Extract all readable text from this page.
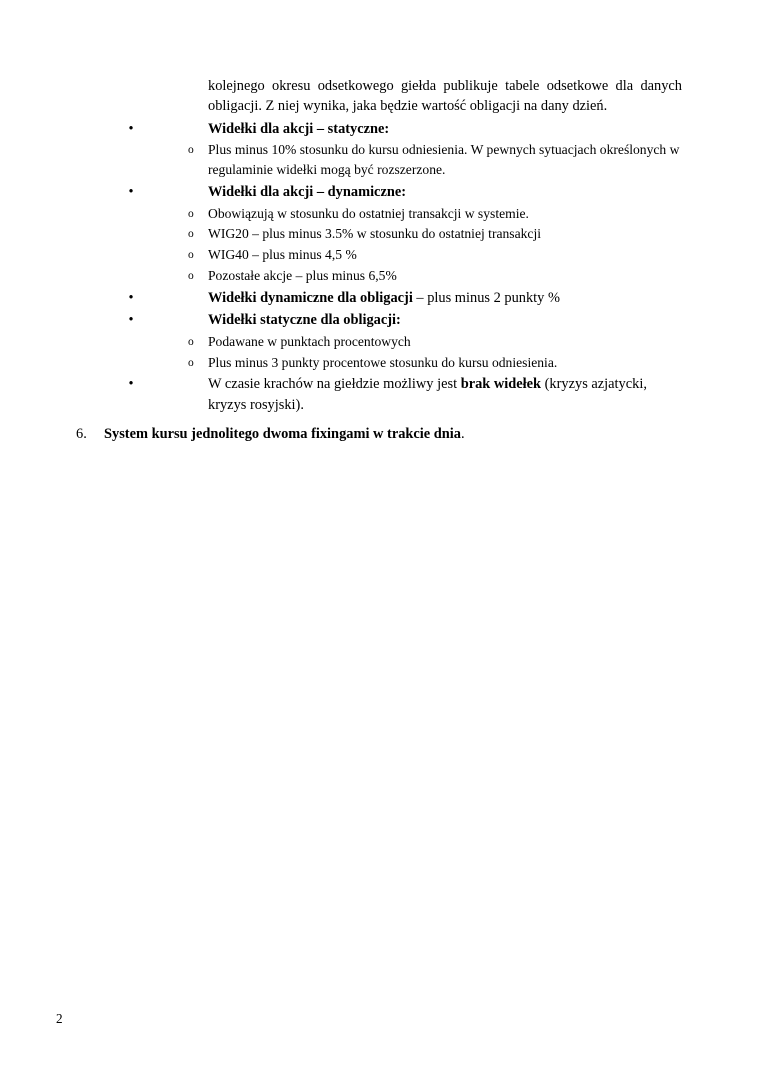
kolejnego okresu odsetkowego giełda publikuje tabele odsetkowe dla danych obligacji. Z niej wynika, jaka będzie wartość obligacji na dany dzień.

•	Widełki dla akcji – statyczne:
o Plus minus 10% stosunku do kursu odniesienia. W pewnych sytuacjach określonych w regulaminie widełki mogą być rozszerzone.
•	Widełki dla akcji – dynamiczne:
o Obowiązują w stosunku do ostatniej transakcji w systemie.
o WIG20 – plus minus 3.5% w stosunku do ostatniej transakcji
o WIG40 – plus minus 4,5 %
o Pozostałe akcje – plus minus 6,5%
•	Widełki dynamiczne dla obligacji – plus minus 2 punkty %
•	Widełki statyczne dla obligacji:
o Podawane w punktach procentowych
o Plus minus 3 punkty procentowe stosunku do kursu odniesienia.
•	W czasie krachów na giełdzie możliwy jest brak widełek (kryzys azjatycki, kryzys rosyjski).
6. System kursu jednolitego dwoma fixingami w trakcie dnia.
2
